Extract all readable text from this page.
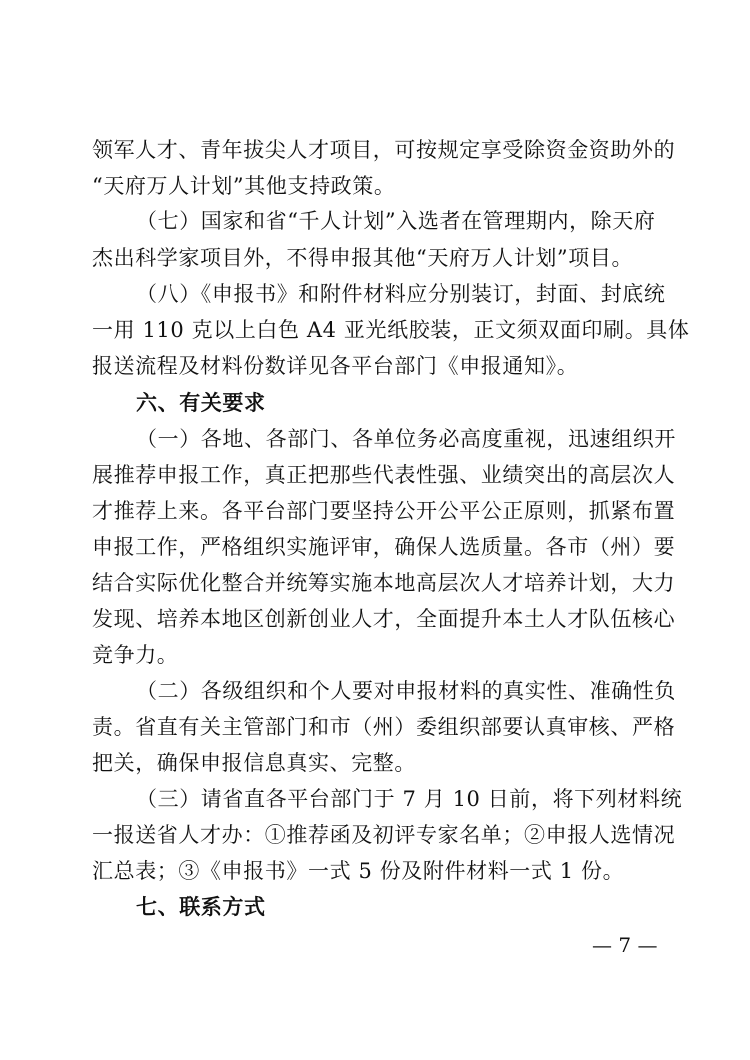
领军人才、青年拔尖人才项目，可按规定享受除资金资助外的
“天府万人计划”其他支持政策。
（七）国家和省“千人计划”入选者在管理期内，除天府
杰出科学家项目外，不得申报其他“天府万人计划”项目。
（八）《申报书》和附件材料应分别装订，封面、封底统
一用 110 克以上白色 A4 亚光纸胶装，正文须双面印刷。具体
报送流程及材料份数详见各平台部门《申报通知》。
六、有关要求
（一）各地、各部门、各单位务必高度重视，迅速组织开
展推荐申报工作，真正把那些代表性强、业绩突出的高层次人
才推荐上来。各平台部门要坚持公开公平公正原则，抓紧布置
申报工作，严格组织实施评审，确保人选质量。各市（州）要
结合实际优化整合并统筹实施本地高层次人才培养计划，大力
发现、培养本地区创新创业人才，全面提升本土人才队伍核心
竞争力。
（二）各级组织和个人要对申报材料的真实性、准确性负
责。省直有关主管部门和市（州）委组织部要认真审核、严格
把关，确保申报信息真实、完整。
（三）请省直各平台部门于 7 月 10 日前，将下列材料统
一报送省人才办：①推荐函及初评专家名单；②申报人选情况
汇总表；③《申报书》一式 5 份及附件材料一式 1 份。
七、联系方式
— 7 —
